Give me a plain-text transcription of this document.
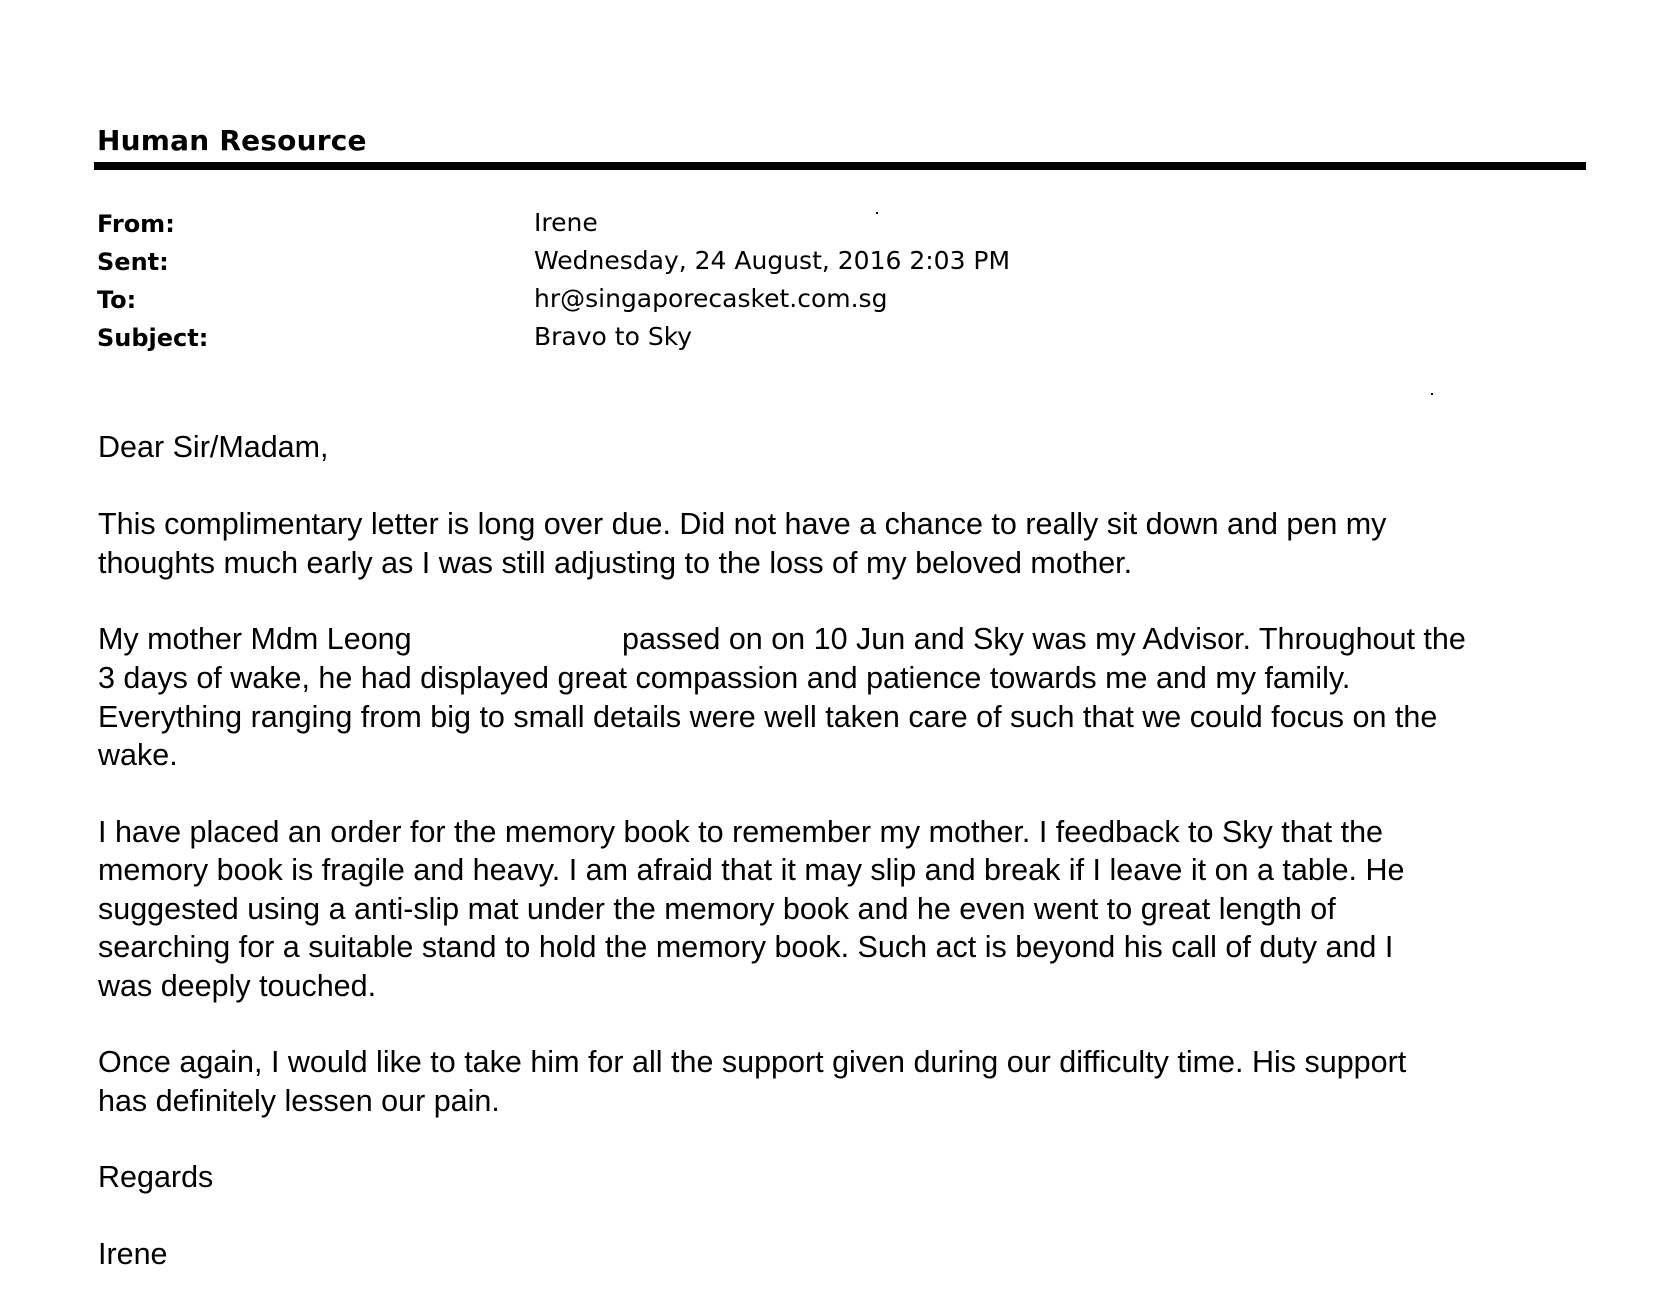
Human Resource
From:	Irene
Sent:	Wednesday, 24 August, 2016 2:03 PM
To:	hr@singaporecasket.com.sg
Subject:	Bravo to Sky
Dear Sir/Madam,
This complimentary letter is long over due. Did not have a chance to really sit down and pen my
thoughts much early as I was still adjusting to the loss of my beloved mother.
My mother Mdm Leong	passed on on 10 Jun and Sky was my Advisor. Throughout the
3 days of wake, he had displayed great compassion and patience towards me and my family.
Everything ranging from big to small details were well taken care of such that we could focus on the
wake.
I have placed an order for the memory book to remember my mother. I feedback to Sky that the
memory book is fragile and heavy. I am afraid that it may slip and break if I leave it on a table. He
suggested using a anti-slip mat under the memory book and he even went to great length of
searching for a suitable stand to hold the memory book. Such act is beyond his call of duty and I
was deeply touched.
Once again, I would like to take him for all the support given during our difficulty time. His support
has definitely lessen our pain.
Regards
Irene
